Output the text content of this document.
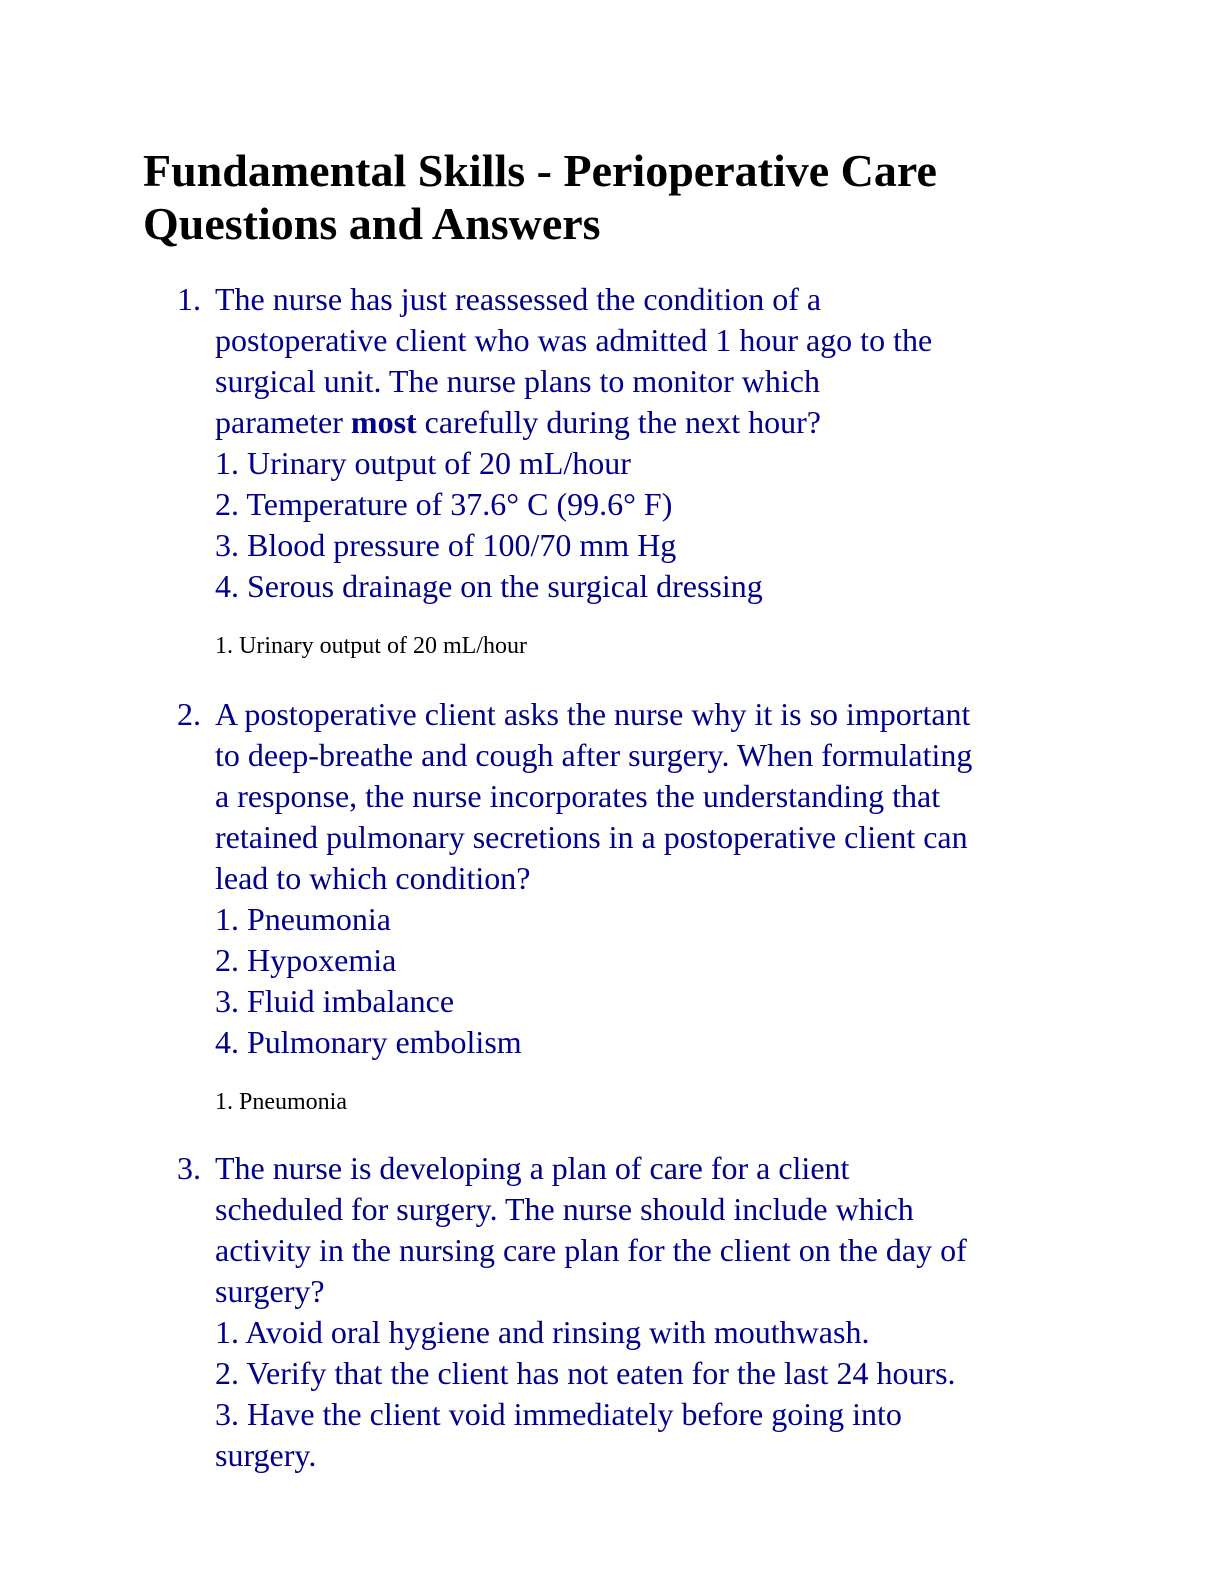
Fundamental Skills - Perioperative Care
Questions and Answers
1. The nurse has just reassessed the condition of a
postoperative client who was admitted 1 hour ago to the
surgical unit. The nurse plans to monitor which
parameter most carefully during the next hour?
1. Urinary output of 20 mL/hour
2. Temperature of 37.6° C (99.6° F)
3. Blood pressure of 100/70 mm Hg
4. Serous drainage on the surgical dressing
1. Urinary output of 20 mL/hour
2. A postoperative client asks the nurse why it is so important
to deep-breathe and cough after surgery. When formulating
a response, the nurse incorporates the understanding that
retained pulmonary secretions in a postoperative client can
lead to which condition?
1. Pneumonia
2. Hypoxemia
3. Fluid imbalance
4. Pulmonary embolism
1. Pneumonia
3. The nurse is developing a plan of care for a client
scheduled for surgery. The nurse should include which
activity in the nursing care plan for the client on the day of
surgery?
1. Avoid oral hygiene and rinsing with mouthwash.
2. Verify that the client has not eaten for the last 24 hours.
3. Have the client void immediately before going into
surgery.
